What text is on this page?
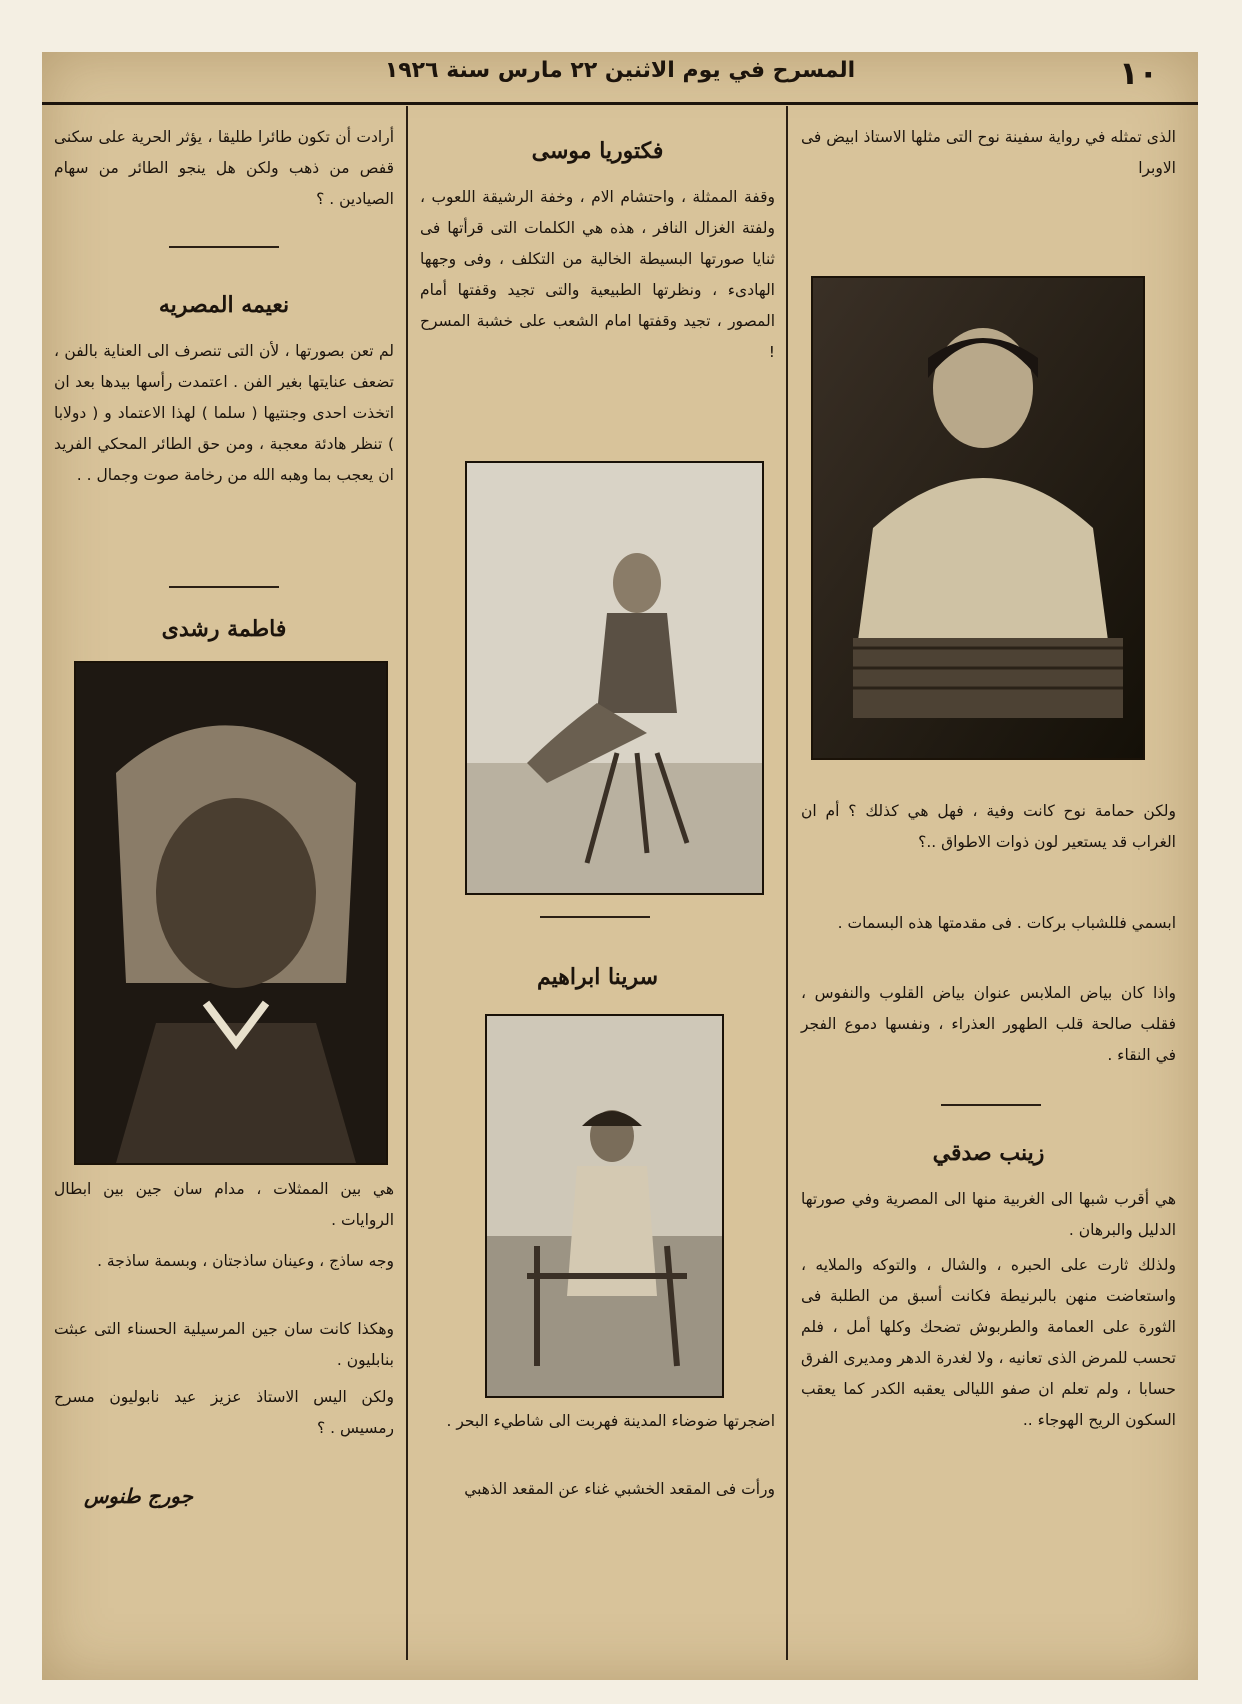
١٠
المسرح في يوم الاثنين ٢٢ مارس سنة ١٩٢٦

الذى تمثله في رواية سفينة نوح التى مثلها الاستاذ ابيض فى الاوبرا

ولكن حمامة نوح كانت وفية ، فهل هي كذلك ؟ أم ان الغراب قد يستعير لون ذوات الاطواق ..؟

ابسمي فللشباب بركات . فى مقدمتها هذه البسمات .

واذا كان بياض الملابس عنوان بياض القلوب والنفوس ، فقلب صالحة قلب الطهور العذراء ، ونفسها دموع الفجر في النقاء .

زينب صدقي

هي أقرب شبها الى الغربية منها الى المصرية وفي صورتها الدليل والبرهان .

ولذلك ثارت على الحبره ، والشال ، والتوكه والملايه ، واستعاضت منهن بالبرنيطة فكانت أسبق من الطلبة فى الثورة على العمامة والطربوش تضحك وكلها أمل ، فلم تحسب للمرض الذى تعانيه ، ولا لغدرة الدهر ومديرى الفرق حسابا ، ولم تعلم ان صفو الليالى يعقبه الكدر كما يعقب السكون الريح الهوجاء ..

فكتوريا موسى

وقفة الممثلة ، واحتشام الام ، وخفة الرشيقة اللعوب ، ولفتة الغزال النافر ، هذه هي الكلمات التى قرأتها فى ثنايا صورتها البسيطة الخالية من التكلف ، وفى وجهها الهادىء ، ونظرتها الطبيعية والتى تجيد وقفتها أمام المصور ، تجيد وقفتها امام الشعب على خشبة المسرح !

سرينا ابراهيم

اضجرتها ضوضاء المدينة فهربت الى شاطيء البحر .

ورأت فى المقعد الخشبي غناء عن المقعد الذهبي

أرادت أن تكون طائرا طليقا ، يؤثر الحرية على سكنى قفص من ذهب ولكن هل ينجو الطائر من سهام الصيادين . ؟

نعيمه المصريه

لم تعن بصورتها ، لأن التى تنصرف الى العناية بالفن ، تضعف عنايتها بغير الفن . اعتمدت رأسها بيدها بعد ان اتخذت احدى وجنتيها ( سلما ) لهذا الاعتماد و ( دولابا ) تنظر هادئة معجبة ، ومن حق الطائر المحكي الفريد ان يعجب بما وهبه الله من رخامة صوت وجمال . .

فاطمة رشدى

هي بين الممثلات ، مدام سان جين بين ابطال الروايات .

وجه ساذج ، وعينان ساذجتان ، وبسمة ساذجة .

وهكذا كانت سان جين المرسيلية الحسناء التى عبثت بنابليون .

ولكن اليس الاستاذ عزيز عيد نابوليون مسرح رمسيس . ؟

جورج طنوس
